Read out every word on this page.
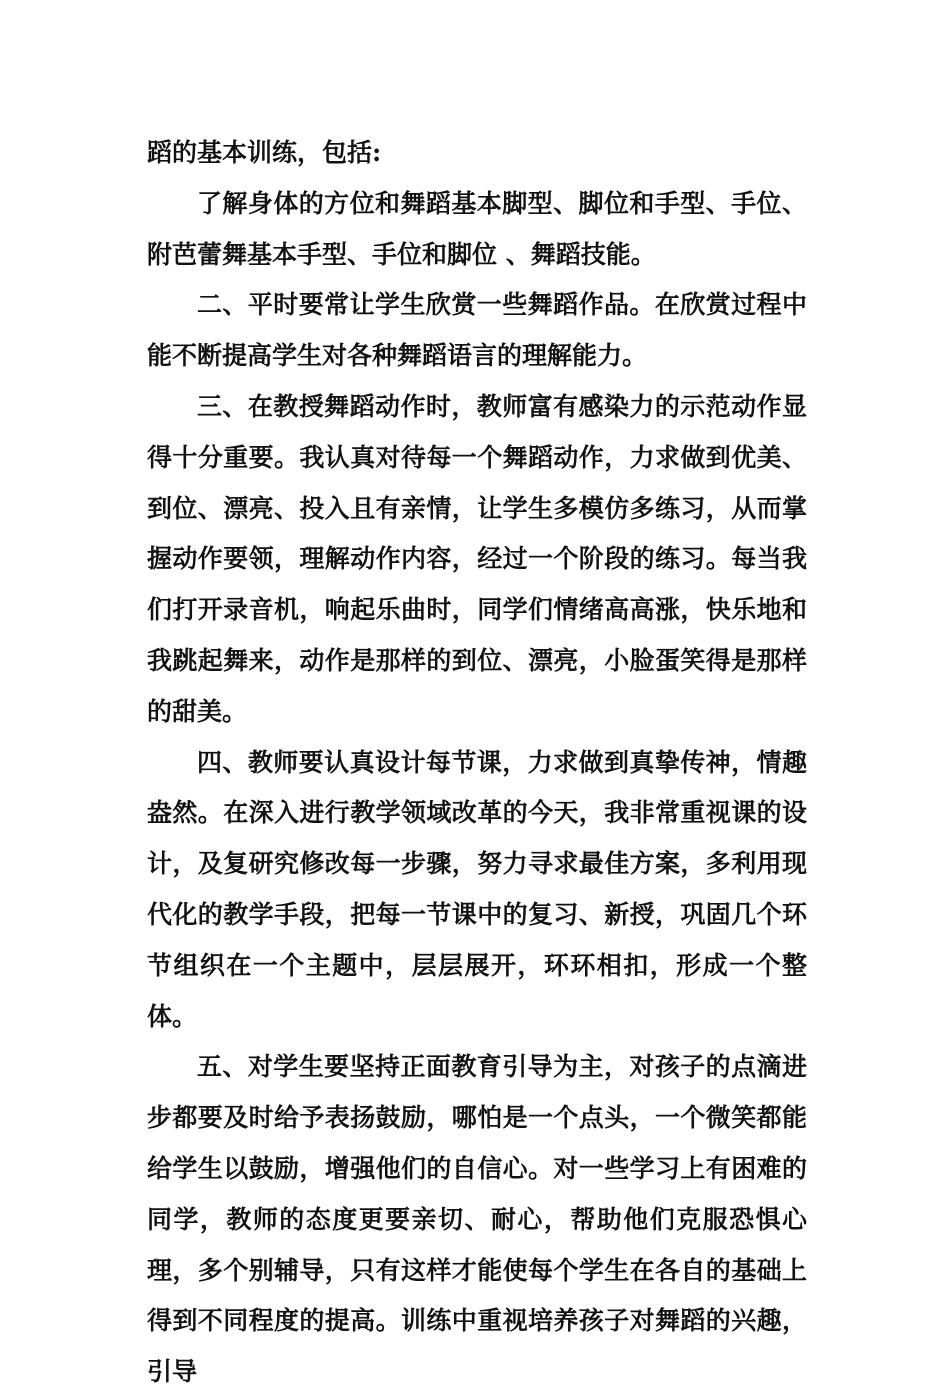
蹈的基本训练，包括:

了解身体的方位和舞蹈基本脚型、脚位和手型、手位、附芭蕾舞基本手型、手位和脚位 、舞蹈技能。

二、平时要常让学生欣赏一些舞蹈作品。在欣赏过程中能不断提高学生对各种舞蹈语言的理解能力。

三、在教授舞蹈动作时，教师富有感染力的示范动作显得十分重要。我认真对待每一个舞蹈动作，力求做到优美、到位、漂亮、投入且有亲情，让学生多模仿多练习，从而掌握动作要领，理解动作内容，经过一个阶段的练习。每当我们打开录音机，响起乐曲时，同学们情绪高高涨，快乐地和我跳起舞来，动作是那样的到位、漂亮，小脸蛋笑得是那样的甜美。

四、教师要认真设计每节课，力求做到真挚传神，情趣盎然。在深入进行教学领域改革的今天，我非常重视课的设计，及复研究修改每一步骤，努力寻求最佳方案，多利用现代化的教学手段，把每一节课中的复习、新授，巩固几个环节组织在一个主题中，层层展开，环环相扣，形成一个整体。

五、对学生要坚持正面教育引导为主，对孩子的点滴进步都要及时给予表扬鼓励，哪怕是一个点头，一个微笑都能给学生以鼓励，增强他们的自信心。对一些学习上有困难的同学，教师的态度更要亲切、耐心，帮助他们克服恐惧心理，多个别辅导，只有这样才能使每个学生在各自的基础上得到不同程度的提高。训练中重视培养孩子对舞蹈的兴趣，引导
